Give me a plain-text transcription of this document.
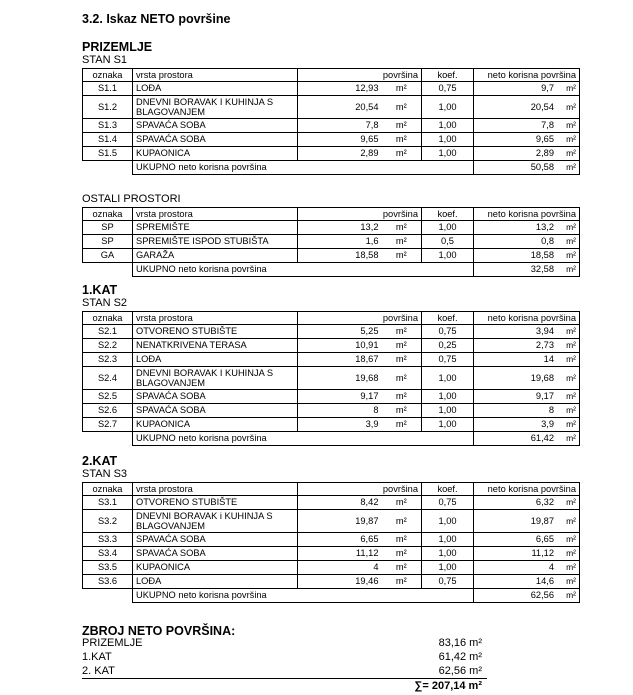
3.2. Iskaz NETO površine
PRIZEMLJE
STAN S1
OSTALI PROSTORI
1.KAT
STAN S2
2.KAT
STAN S3
oznaka	vrsta prostora	površina		koef.	neto korisna površina
S1.1	LOĐA	12,93	m²	0,75	9,7 m²
S1.2	DNEVNI BORAVAK I KUHINJA S BLAGOVANJEM	20,54	m²	1,00	20,54 m²
S1.3	SPAVAĆA SOBA	7,8	m²	1,00	7,8 m²
S1.4	SPAVAĆA SOBA	9,65	m²	1,00	9,65 m²
S1.5	KUPAONICA	2,89	m²	1,00	2,89 m²
	UKUPNO neto korisna površina				50,58 m²
oznaka	vrsta prostora	površina		koef.	neto korisna površina
SP	SPREMIŠTE	13,2	m²	1,00	13,2 m²
SP	SPREMIŠTE ISPOD STUBIŠTA	1,6	m²	0,5	0,8 m²
GA	GARAŽA	18,58	m²	1,00	18,58 m²
	UKUPNO neto korisna površina				32,58 m²
oznaka	vrsta prostora	površina		koef.	neto korisna površina
S2.1	OTVORENO STUBIŠTE	5,25	m²	0,75	3,94 m²
S2.2	NENATKRIVENA TERASA	10,91	m²	0,25	2,73 m²
S2.3	LOĐA	18,67	m²	0,75	14 m²
S2.4	DNEVNI BORAVAK I KUHINJA S BLAGOVANJEM	19,68	m²	1,00	19,68 m²
S2.5	SPAVAĆA SOBA	9,17	m²	1,00	9,17 m²
S2.6	SPAVAĆA SOBA	8	m²	1,00	8 m²
S2.7	KUPAONICA	3,9	m²	1,00	3,9 m²
	UKUPNO neto korisna površina				61,42 m²
oznaka	vrsta prostora	površina		koef.	neto korisna površina
S3.1	OTVORENO STUBIŠTE	8,42	m²	0,75	6,32 m²
S3.2	DNEVNI BORAVAK i KUHINJA S BLAGOVANJEM	19,87	m²	1,00	19,87 m²
S3.3	SPAVAĆA SOBA	6,65	m²	1,00	6,65 m²
S3.4	SPAVAĆA SOBA	11,12	m²	1,00	11,12 m²
S3.5	KUPAONICA	4	m²	1,00	4 m²
S3.6	LOĐA	19,46	m²	0,75	14,6 m²
	UKUPNO neto korisna površina				62,56 m²
ZBROJ NETO POVRŠINA:
PRIZEMLJE	83,16 m²
1.KAT	61,42 m²
2. KAT	62,56 m²
∑= 207,14 m²
